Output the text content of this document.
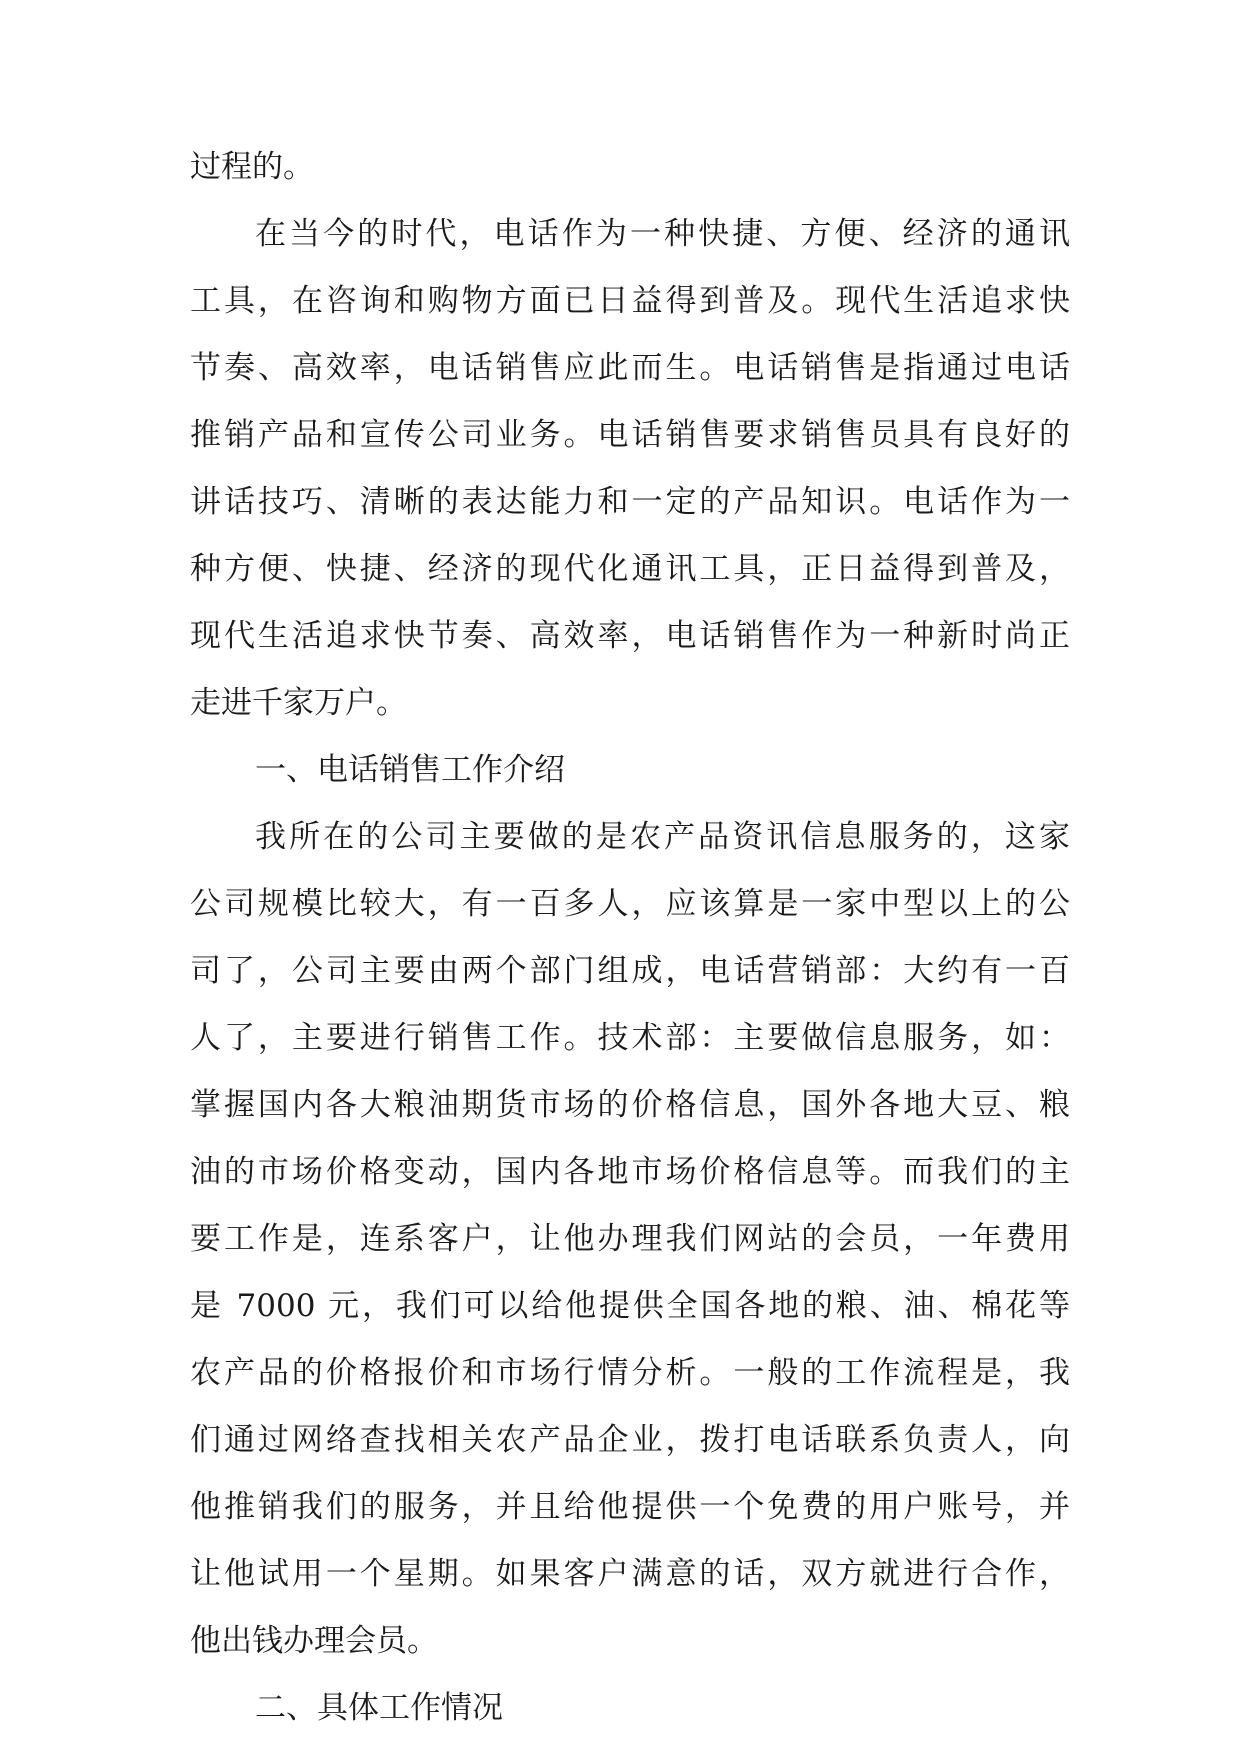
过程的。

在当今的时代，电话作为一种快捷、方便、经济的通讯

工具，在咨询和购物方面已日益得到普及。现代生活追求快

节奏、高效率，电话销售应此而生。电话销售是指通过电话

推销产品和宣传公司业务。电话销售要求销售员具有良好的

讲话技巧、清晰的表达能力和一定的产品知识。电话作为一

种方便、快捷、经济的现代化通讯工具，正日益得到普及，

现代生活追求快节奏、高效率，电话销售作为一种新时尚正

走进千家万户。

一、电话销售工作介绍

我所在的公司主要做的是农产品资讯信息服务的，这家

公司规模比较大，有一百多人，应该算是一家中型以上的公

司了，公司主要由两个部门组成，电话营销部：大约有一百

人了，主要进行销售工作。技术部：主要做信息服务，如：

掌握国内各大粮油期货市场的价格信息，国外各地大豆、粮

油的市场价格变动，国内各地市场价格信息等。而我们的主

要工作是，连系客户，让他办理我们网站的会员，一年费用

是 7000 元，我们可以给他提供全国各地的粮、油、棉花等

农产品的价格报价和市场行情分析。一般的工作流程是，我

们通过网络查找相关农产品企业，拨打电话联系负责人，向

他推销我们的服务，并且给他提供一个免费的用户账号，并

让他试用一个星期。如果客户满意的话，双方就进行合作，

他出钱办理会员。

二、具体工作情况
